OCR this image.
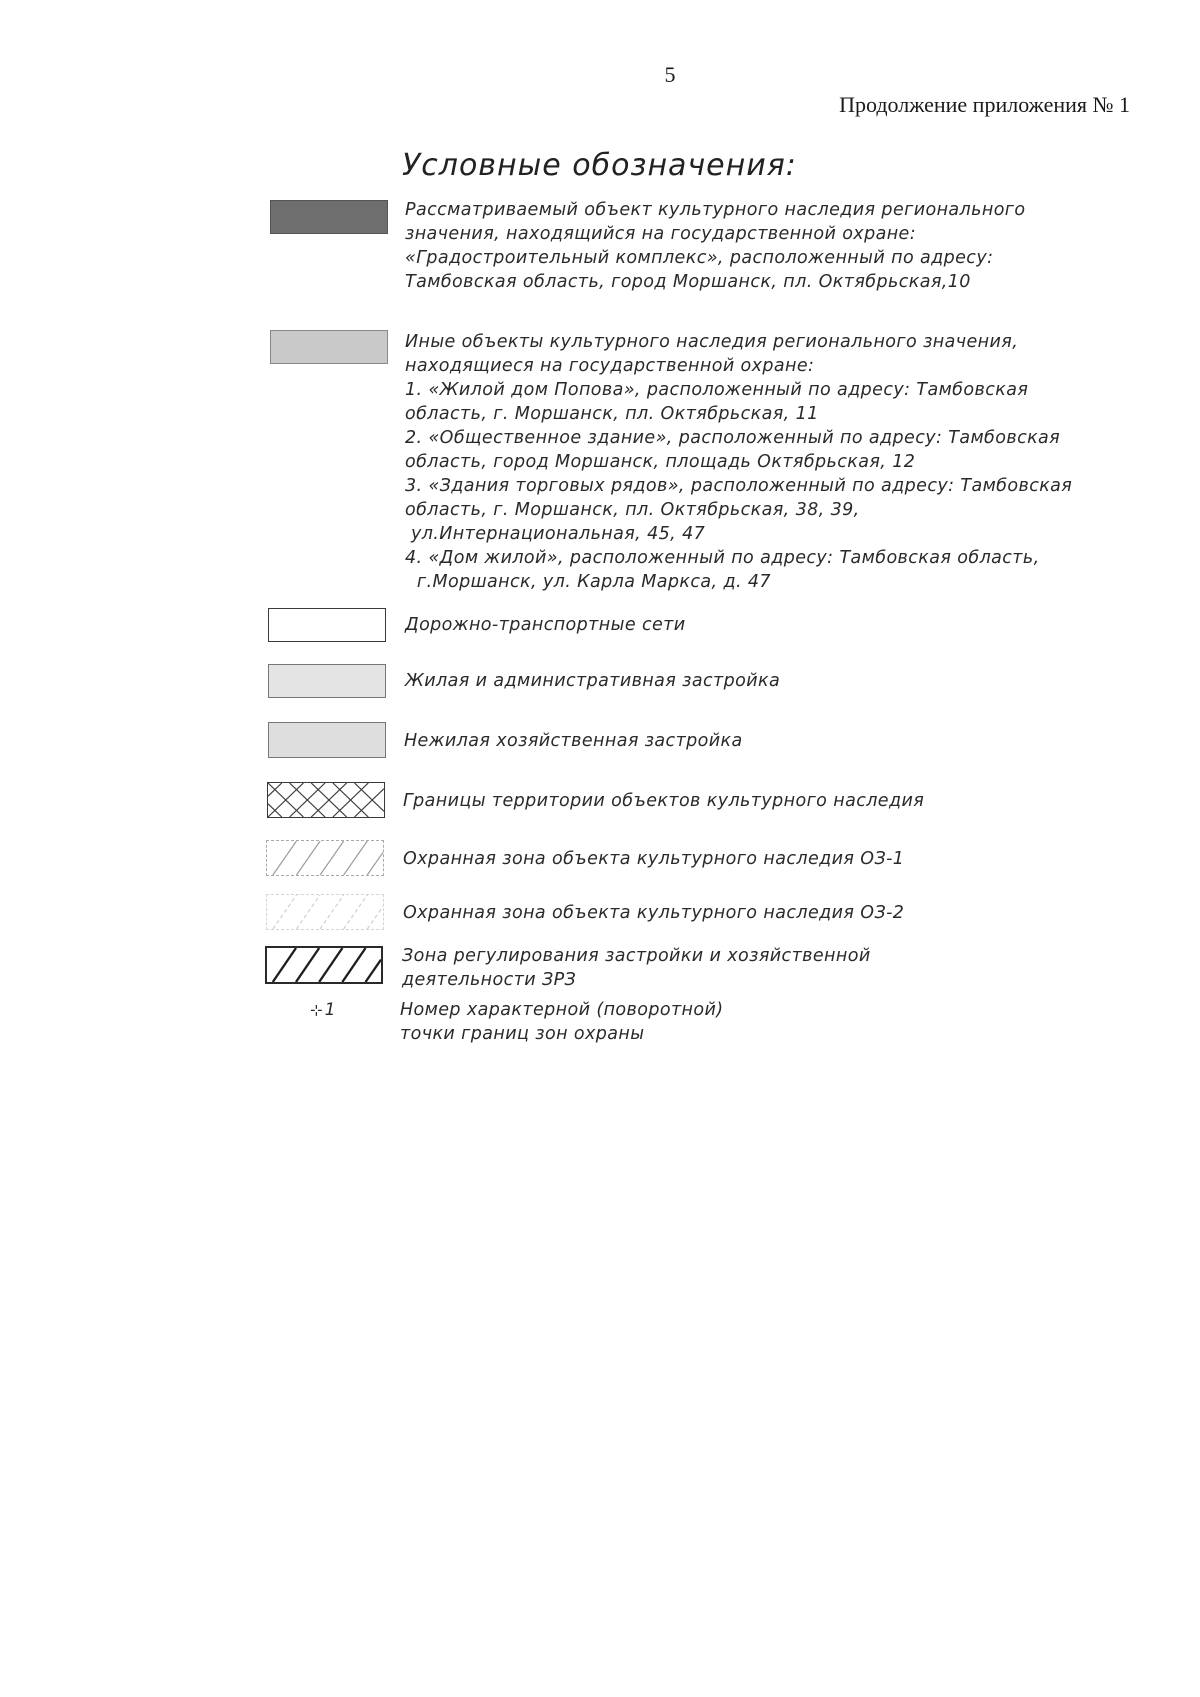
5
Продолжение приложения № 1
Условные обозначения:
Рассматриваемый объект культурного наследия регионального
значения, находящийся на государственной охране:
«Градостроительный комплекс», расположенный по адресу:
Тамбовская область, город Моршанск, пл. Октябрьская,10
Иные объекты культурного наследия регионального значения,
находящиеся на государственной охране:
1. «Жилой дом Попова», расположенный по адресу: Тамбовская
область, г. Моршанск, пл. Октябрьская, 11
2. «Общественное здание», расположенный по адресу: Тамбовская
область, город Моршанск, площадь Октябрьская, 12
3. «Здания торговых рядов», расположенный по адресу: Тамбовская
область, г. Моршанск, пл. Октябрьская, 38, 39,
ул.Интернациональная, 45, 47
4. «Дом жилой», расположенный по адресу: Тамбовская область,
г.Моршанск, ул. Карла Маркса, д. 47
Дорожно-транспортные сети
Жилая и административная застройка
Нежилая хозяйственная застройка
Границы территории объектов культурного наследия
Охранная зона объекта культурного наследия ОЗ-1
Охранная зона объекта культурного наследия ОЗ-2
Зона регулирования застройки и хозяйственной
деятельности ЗРЗ
⊹ 1	Номер характерной (поворотной)
точки границ зон охраны
